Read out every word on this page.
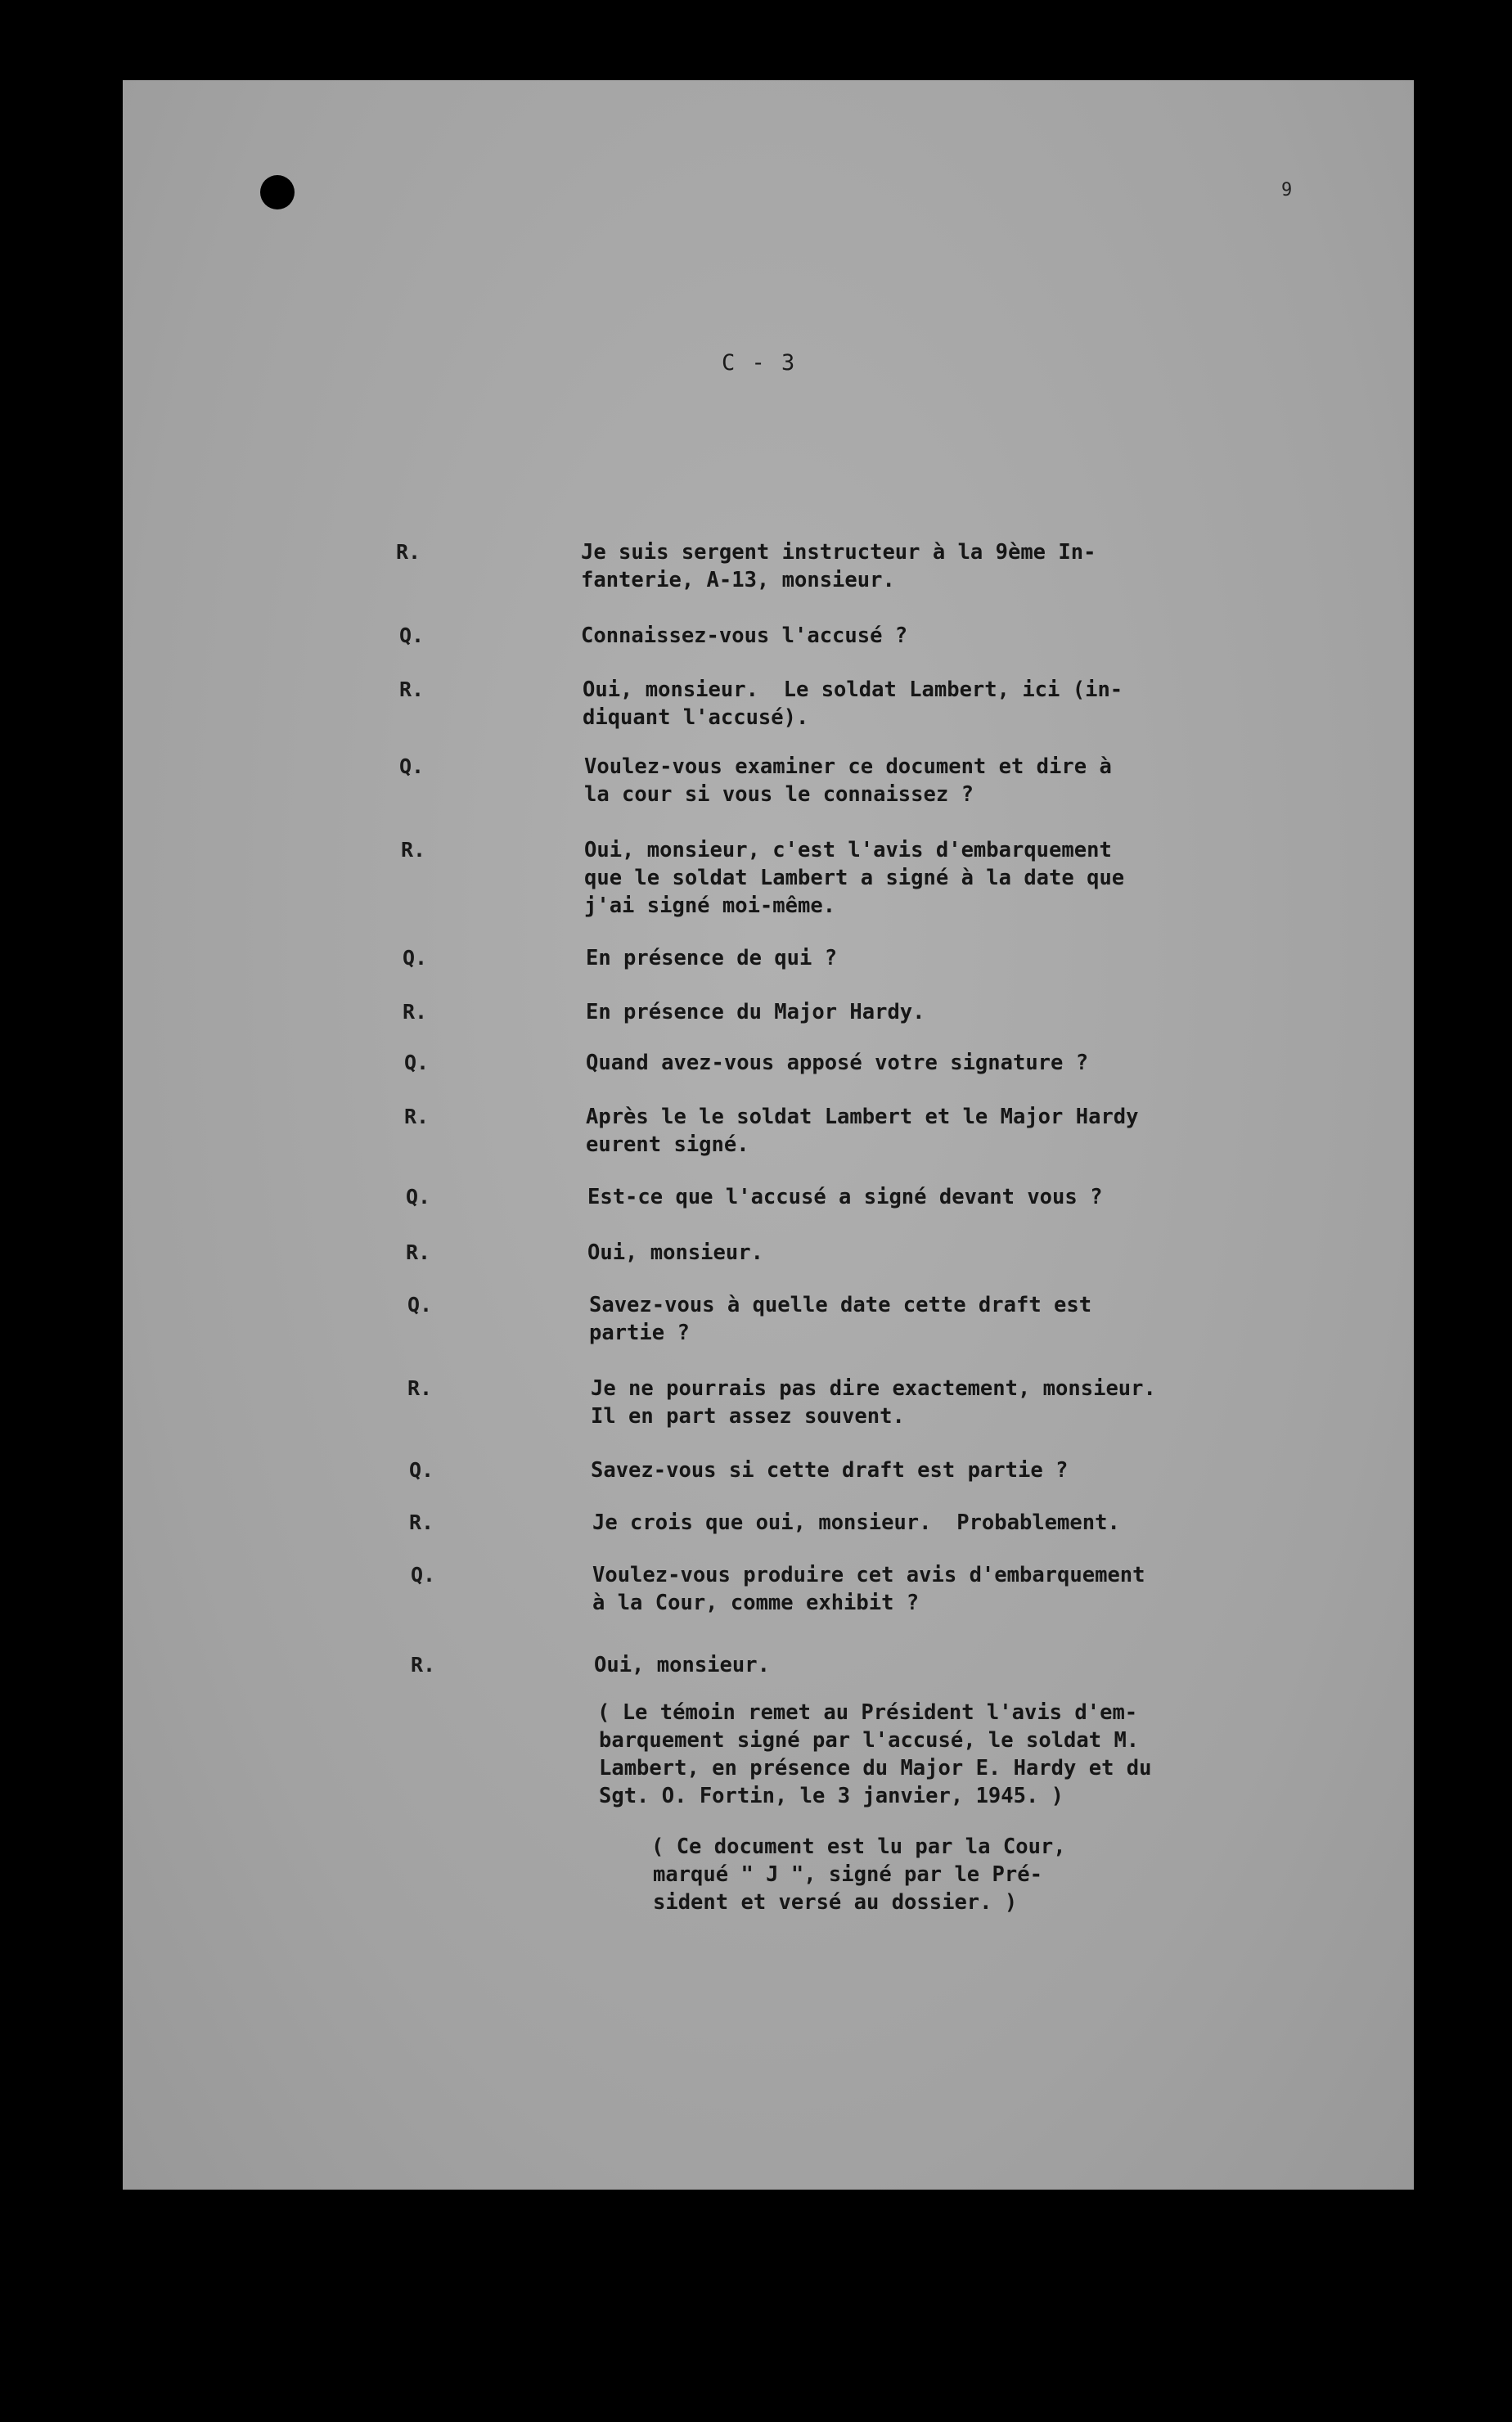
9
C - 3
R.	Je suis sergent instructeur à la 9ème In-
fanterie, A-13, monsieur.
Q.	Connaissez-vous l'accusé ?
R.	Oui, monsieur.  Le soldat Lambert, ici (in-
diquant l'accusé).
Q.	Voulez-vous examiner ce document et dire à
la cour si vous le connaissez ?
R.	Oui, monsieur, c'est l'avis d'embarquement
que le soldat Lambert a signé à la date que
j'ai signé moi-même.
Q.	En présence de qui ?
R.	En présence du Major Hardy.
Q.	Quand avez-vous apposé votre signature ?
R.	Après le le soldat Lambert et le Major Hardy
eurent signé.
Q.	Est-ce que l'accusé a signé devant vous ?
R.	Oui, monsieur.
Q.	Savez-vous à quelle date cette draft est
partie ?
R.	Je ne pourrais pas dire exactement, monsieur.
Il en part assez souvent.
Q.	Savez-vous si cette draft est partie ?
R.	Je crois que oui, monsieur.  Probablement.
Q.	Voulez-vous produire cet avis d'embarquement
à la Cour, comme exhibit ?
R.	Oui, monsieur.
( Le témoin remet au Président l'avis d'em-
barquement signé par l'accusé, le soldat M.
Lambert, en présence du Major E. Hardy et du
Sgt. O. Fortin, le 3 janvier, 1945. )
( Ce document est lu par la Cour,
marqué " J ", signé par le Pré-
sident et versé au dossier. )
